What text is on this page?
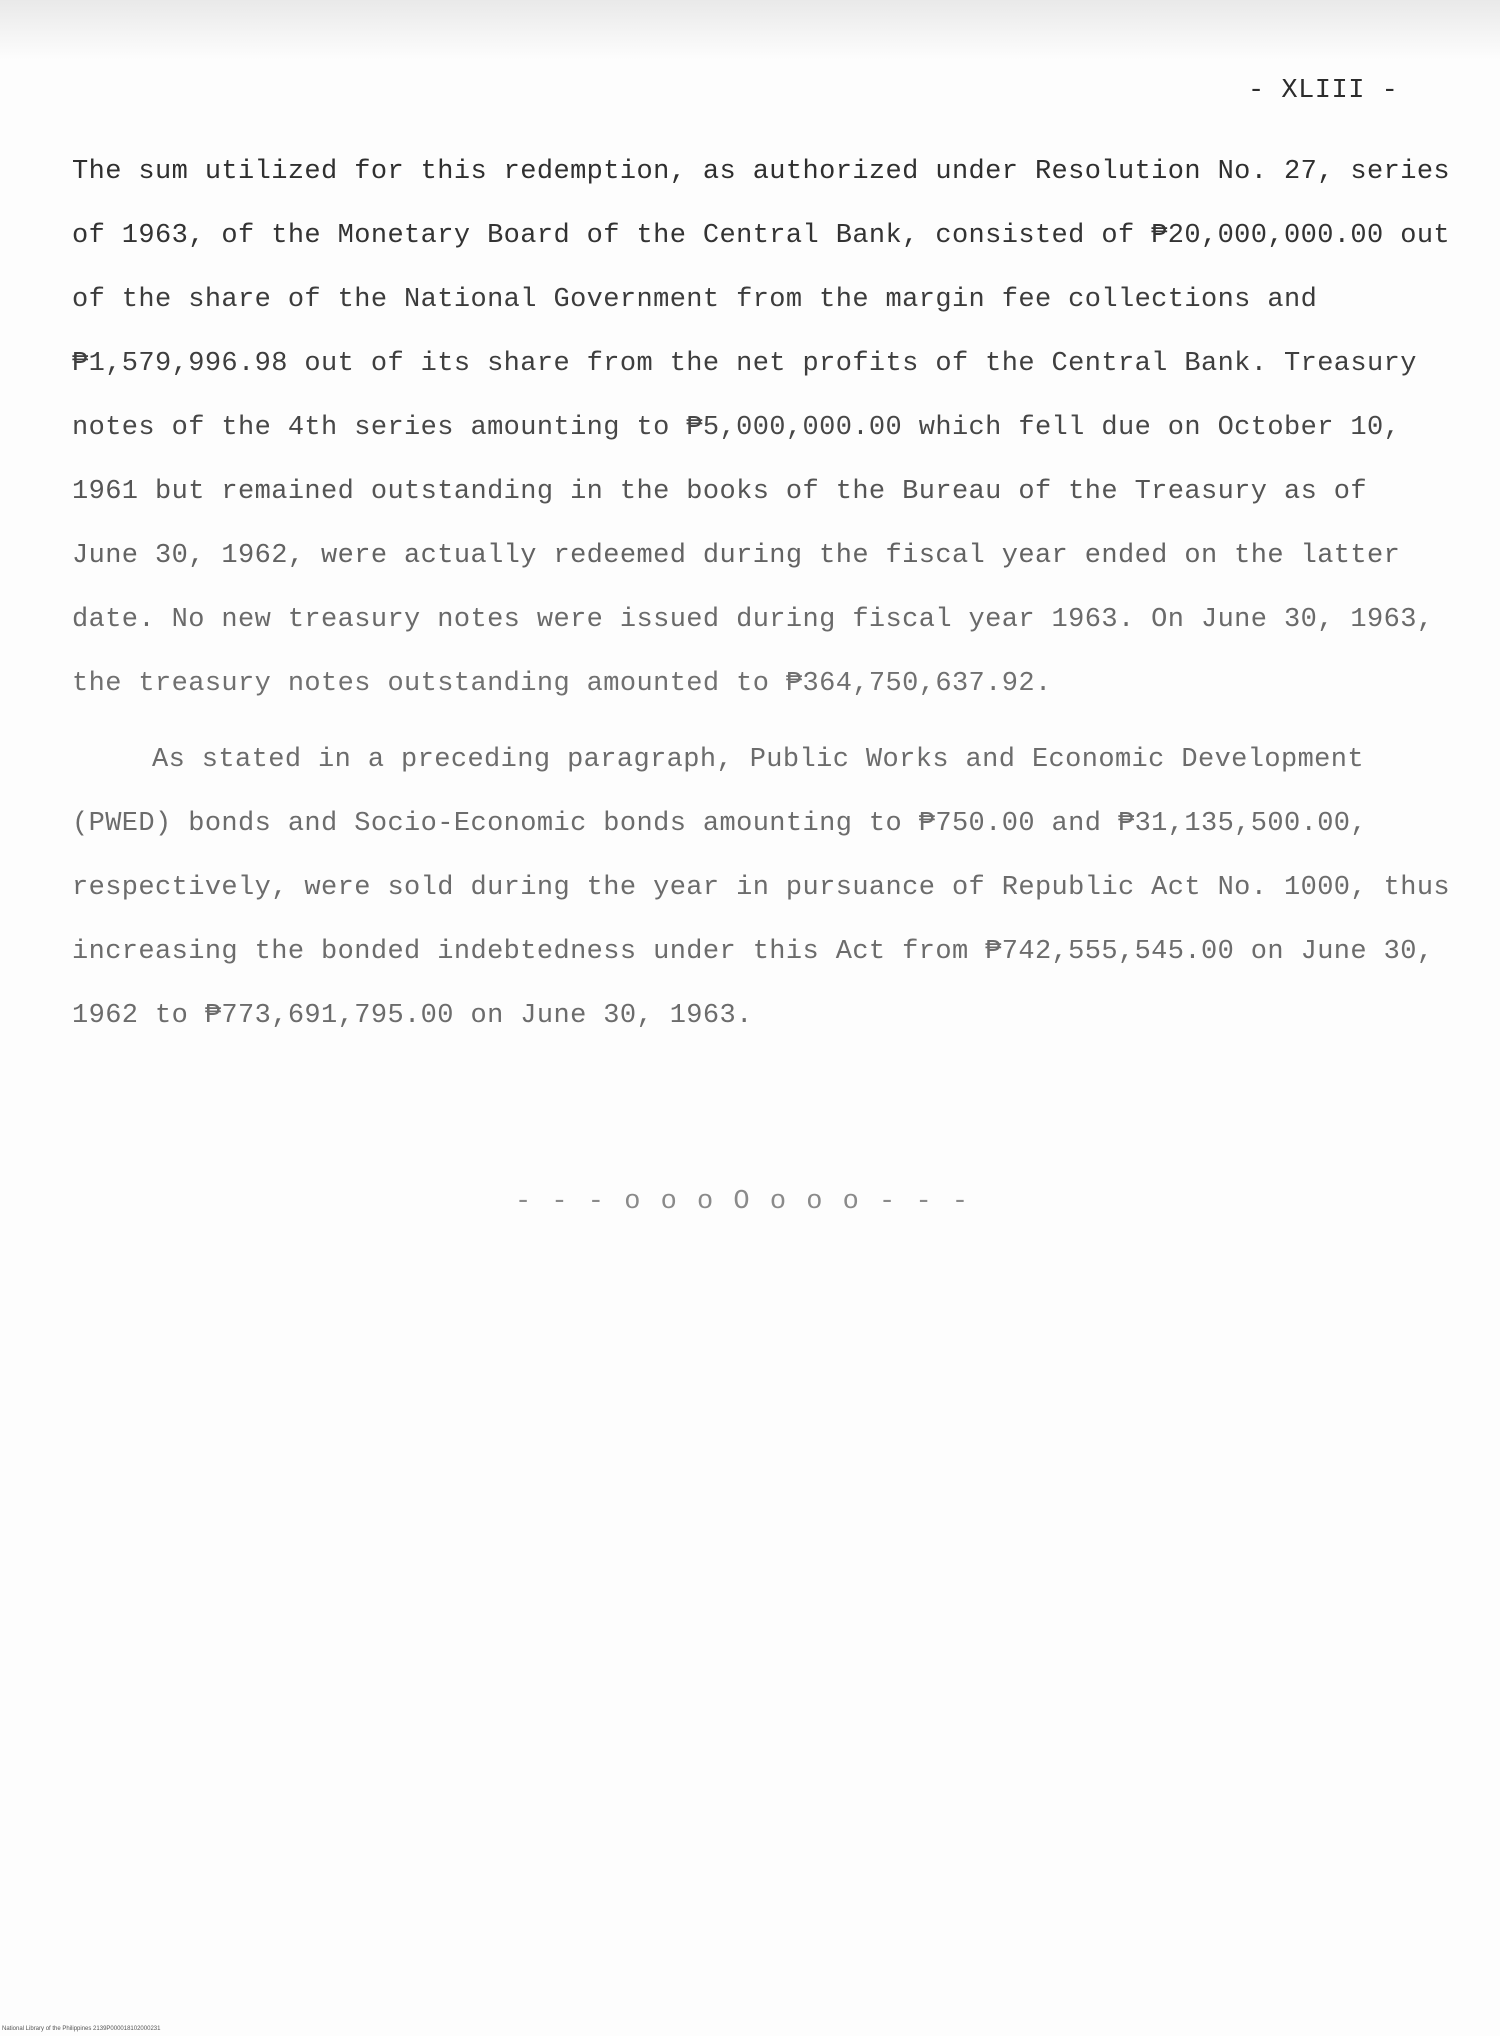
- XLIII -

The sum utilized for this redemption, as authorized under Resolution No. 27, series
of 1963, of the Monetary Board of the Central Bank, consisted of ₱20,000,000.00 out
of the share of the National Government from the margin fee collections and
₱1,579,996.98 out of its share from the net profits of the Central Bank. Treasury
notes of the 4th series amounting to ₱5,000,000.00 which fell due on October 10,
1961 but remained outstanding in the books of the Bureau of the Treasury as of
June 30, 1962, were actually redeemed during the fiscal year ended on the latter
date. No new treasury notes were issued during fiscal year 1963. On June 30, 1963,
the treasury notes outstanding amounted to ₱364,750,637.92.

As stated in a preceding paragraph, Public Works and Economic Development
(PWED) bonds and Socio-Economic bonds amounting to ₱750.00 and ₱31,135,500.00,
respectively, were sold during the year in pursuance of Republic Act No. 1000, thus
increasing the bonded indebtedness under this Act from ₱742,555,545.00 on June 30,
1962 to ₱773,691,795.00 on June 30, 1963.

- - - o o o O o o o - - -
National Library of the Philippines 2139P000018102000231
